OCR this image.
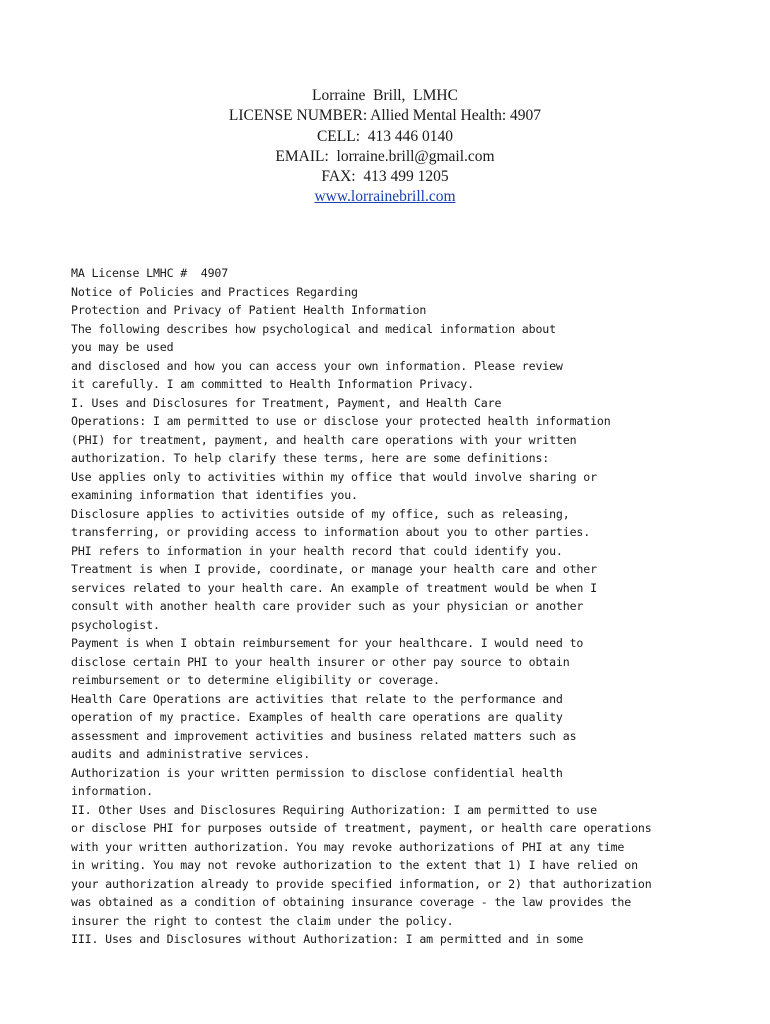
Lorraine  Brill,  LMHC
LICENSE NUMBER: Allied Mental Health: 4907
CELL:  413 446 0140
EMAIL:  lorraine.brill@gmail.com
FAX:  413 499 1205
www.lorrainebrill.com
MA License LMHC #  4907
Notice of Policies and Practices Regarding
Protection and Privacy of Patient Health Information
The following describes how psychological and medical information about
you may be used
and disclosed and how you can access your own information. Please review
it carefully. I am committed to Health Information Privacy.
I. Uses and Disclosures for Treatment, Payment, and Health Care
Operations: I am permitted to use or disclose your protected health information
(PHI) for treatment, payment, and health care operations with your written
authorization. To help clarify these terms, here are some definitions:
Use applies only to activities within my office that would involve sharing or
examining information that identifies you.
Disclosure applies to activities outside of my office, such as releasing,
transferring, or providing access to information about you to other parties.
PHI refers to information in your health record that could identify you.
Treatment is when I provide, coordinate, or manage your health care and other
services related to your health care. An example of treatment would be when I
consult with another health care provider such as your physician or another
psychologist.
Payment is when I obtain reimbursement for your healthcare. I would need to
disclose certain PHI to your health insurer or other pay source to obtain
reimbursement or to determine eligibility or coverage.
Health Care Operations are activities that relate to the performance and
operation of my practice. Examples of health care operations are quality
assessment and improvement activities and business related matters such as
audits and administrative services.
Authorization is your written permission to disclose confidential health
information.
II. Other Uses and Disclosures Requiring Authorization: I am permitted to use
or disclose PHI for purposes outside of treatment, payment, or health care operations
with your written authorization. You may revoke authorizations of PHI at any time
in writing. You may not revoke authorization to the extent that 1) I have relied on
your authorization already to provide specified information, or 2) that authorization
was obtained as a condition of obtaining insurance coverage - the law provides the
insurer the right to contest the claim under the policy.
III. Uses and Disclosures without Authorization: I am permitted and in some
